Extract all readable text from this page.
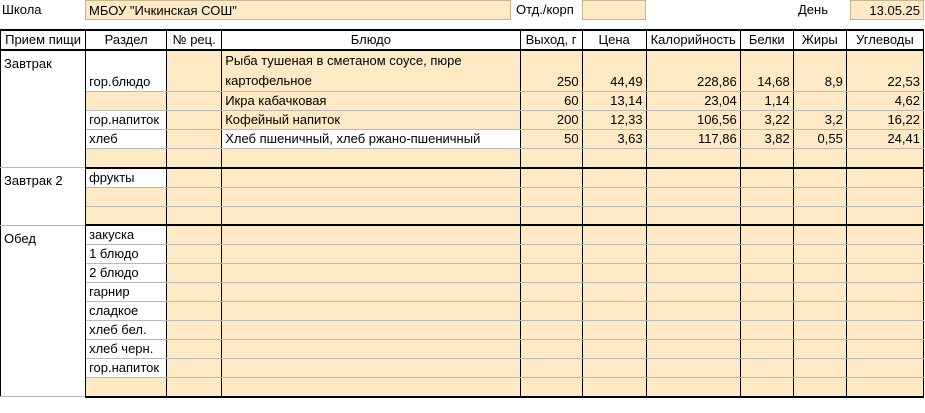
Школа	МБОУ "Ичкинская СОШ"	Отд./корп	День	13.05.25
Прием пищи	Раздел	№ рец.	Блюдо	Выход, г	Цена	Калорийность	Белки	Жиры	Углеводы
Завтрак	гор.блюдо		Рыба тушеная в сметаном соусе, пюре картофельное	250	44,49	228,86	14,68	8,9	22,53
			Икра кабачковая	60	13,14	23,04	1,14		4,62
	гор.напиток		Кофейный напиток	200	12,33	106,56	3,22	3,2	16,22
	хлеб		Хлеб пшеничный, хлеб ржано-пшеничный	50	3,63	117,86	3,82	0,55	24,41

Завтрак 2	фрукты								

Обед	закуска								
	1 блюдо								
	2 блюдо								
	гарнир								
	сладкое								
	хлеб бел.								
	хлеб черн.								
	гор.напиток								
